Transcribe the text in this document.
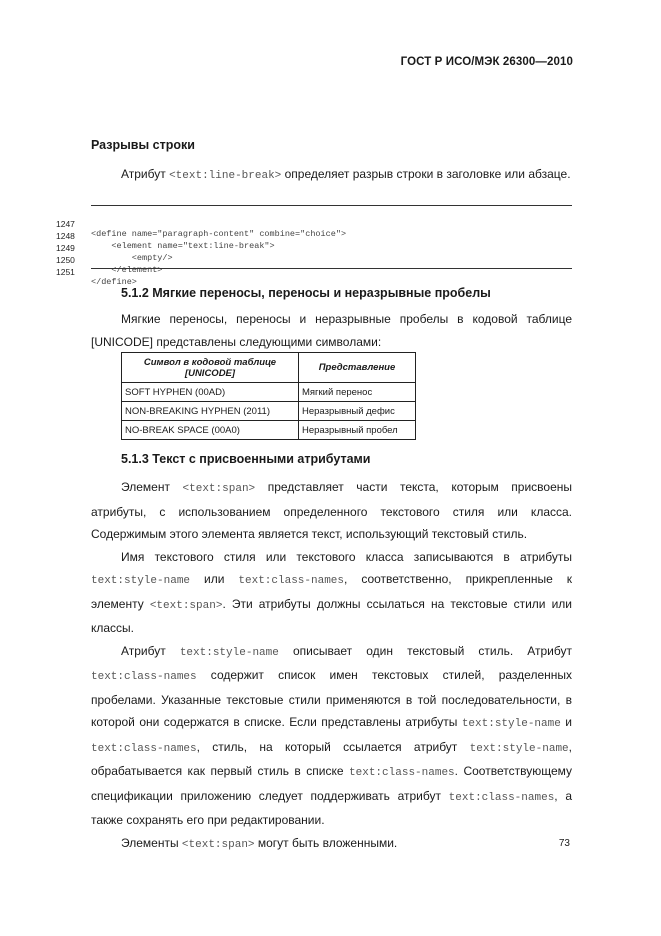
ГОСТ Р ИСО/МЭК 26300—2010
Разрывы строки

Атрибут <text:line-break> определяет разрыв строки в заголовке или абзаце.

1247

<define name="paragraph-content" combine="choice">

1248

<element name="text:line-break">

1249

<empty/>

1250

</element>

1251

</define>

5.1.2 Мягкие переносы, переносы и неразрывные пробелы

Мягкие переносы, переносы и неразрывные пробелы в кодовой таблице [UNICODE] представлены следующими символами:

Символ в кодовой таблице [UNICODE]	Представление
SOFT HYPHEN (00AD)	Мягкий перенос
NON-BREAKING HYPHEN (2011)	Неразрывный дефис
NO-BREAK SPACE (00A0)	Неразрывный пробел
5.1.3 Текст с присвоенными атрибутами

Элемент <text:span> представляет части текста, которым присвоены атрибуты, с использованием определенного текстового стиля или класса. Содержимым этого элемента является текст, использующий текстовый стиль.

Имя текстового стиля или текстового класса записываются в атрибуты text:style-name или text:class-names, соответственно, прикрепленные к элементу <text:span>. Эти атрибуты должны ссылаться на текстовые стили или классы.

Атрибут text:style-name описывает один текстовый стиль. Атрибут text:class-names содержит список имен текстовых стилей, разделенных пробелами. Указанные текстовые стили применяются в той последовательности, в которой они содержатся в списке. Если представлены атрибуты text:style-name и text:class-names, стиль, на который ссылается атрибут text:style-name, обрабатывается как первый стиль в списке text:class-names. Соответствующему спецификации приложению следует поддерживать атрибут text:class-names, а также сохранять его при редактировании.

Элементы <text:span> могут быть вложенными.	73
